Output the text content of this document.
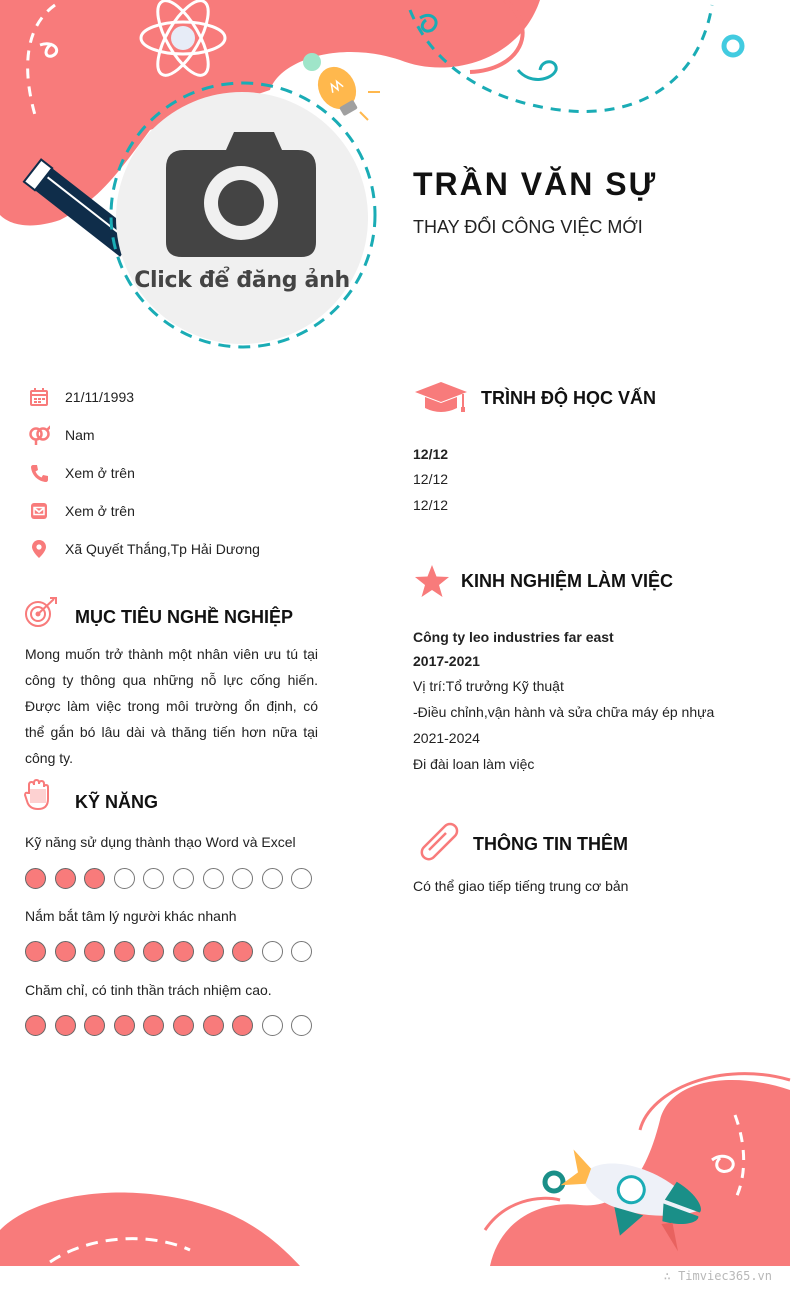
Click để đăng ảnh
TRẦN VĂN SỰ
THAY ĐỔI CÔNG VIỆC MỚI
21/11/1993
Nam
Xem ở trên
Xem ở trên
Xã Quyết Thắng,Tp Hải Dương
MỤC TIÊU NGHỀ NGHIỆP
Mong muốn trở thành một nhân viên ưu tú tại công ty thông qua những nỗ lực cống hiến. Được làm việc trong môi trường ổn định, có thể gắn bó lâu dài và thăng tiến hơn nữa tại công ty.
KỸ NĂNG
Kỹ năng sử dụng thành thạo Word và Excel
Nắm bắt tâm lý người khác nhanh
Chăm chỉ, có tinh thần trách nhiệm cao.
TRÌNH ĐỘ HỌC VẤN
12/12
12/12
12/12
KINH NGHIỆM LÀM VIỆC
Công ty leo industries far east
2017-2021
Vị trí:Tổ trưởng Kỹ thuật
-Điều chỉnh,vận hành và sửa chữa máy ép nhựa
2021-2024
Đi đài loan làm việc
THÔNG TIN THÊM
Có thể giao tiếp tiếng trung cơ bản
∴ Timviec365.vn
